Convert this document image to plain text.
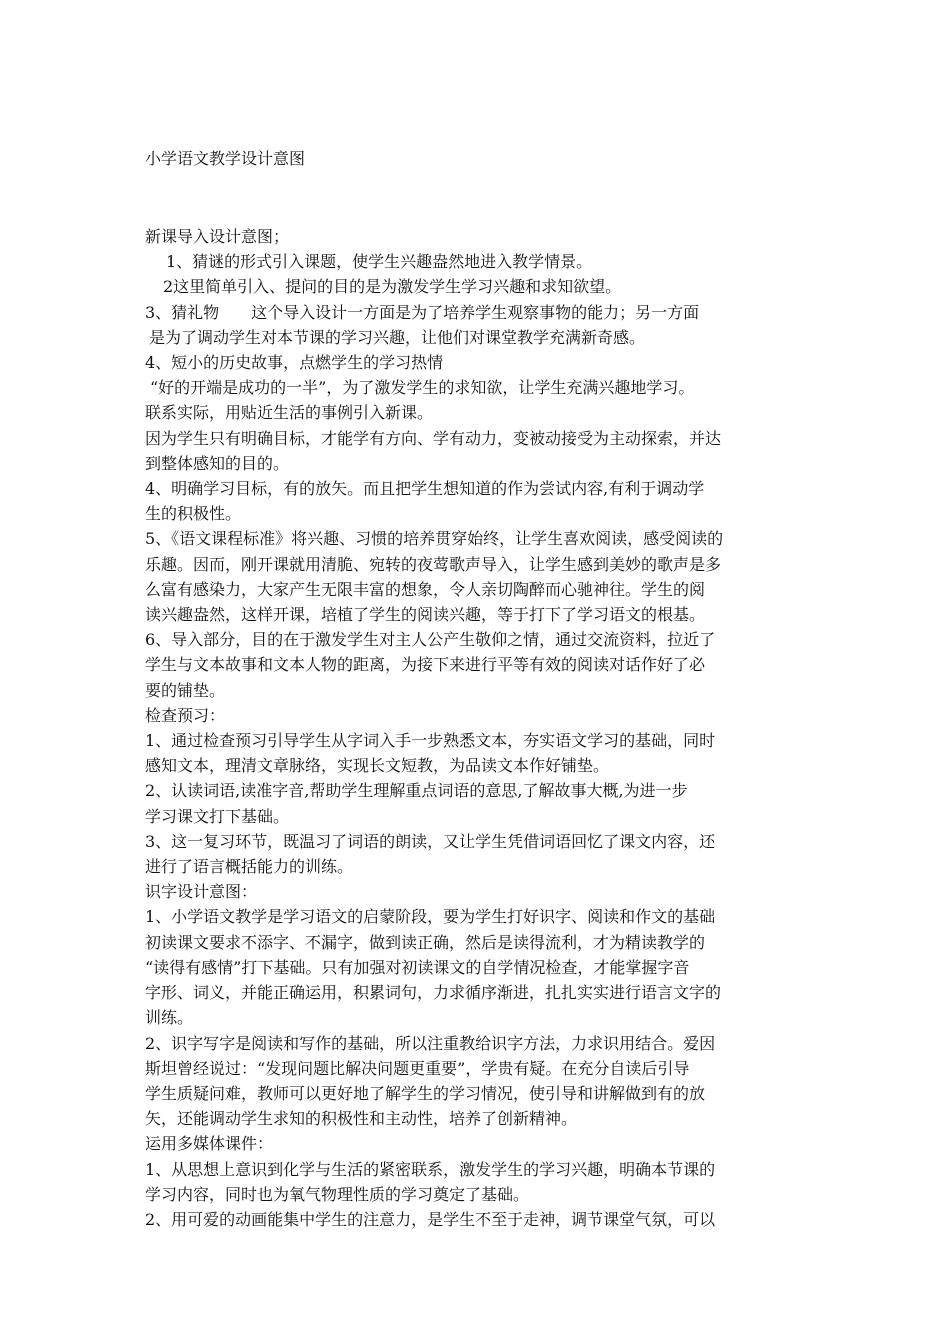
小学语文教学设计意图

新课导入设计意图；

1、猜谜的形式引入课题，使学生兴趣盎然地进入教学情景。

2这里简单引入、提问的目的是为激发学生学习兴趣和求知欲望。

3、猜礼物　　这个导入设计一方面是为了培养学生观察事物的能力；另一方面

是为了调动学生对本节课的学习兴趣，让他们对课堂教学充满新奇感。

4、短小的历史故事，点燃学生的学习热情

“好的开端是成功的一半”，为了激发学生的求知欲，让学生充满兴趣地学习。

联系实际，用贴近生活的事例引入新课。

因为学生只有明确目标，才能学有方向、学有动力，变被动接受为主动探索，并达

到整体感知的目的。

4、明确学习目标，有的放矢。而且把学生想知道的作为尝试内容,有利于调动学

生的积极性。

5、《语文课程标准》将兴趣、习惯的培养贯穿始终，让学生喜欢阅读，感受阅读的

乐趣。因而，刚开课就用清脆、宛转的夜莺歌声导入，让学生感到美妙的歌声是多

么富有感染力，大家产生无限丰富的想象，令人亲切陶醉而心驰神往。学生的阅

读兴趣盎然，这样开课，培植了学生的阅读兴趣，等于打下了学习语文的根基。

6、导入部分，目的在于激发学生对主人公产生敬仰之情，通过交流资料，拉近了

学生与文本故事和文本人物的距离，为接下来进行平等有效的阅读对话作好了必

要的铺垫。

检查预习：

1、通过检查预习引导学生从字词入手一步熟悉文本，夯实语文学习的基础，同时

感知文本，理清文章脉络，实现长文短教，为品读文本作好铺垫。

2、认读词语,读准字音,帮助学生理解重点词语的意思,了解故事大概,为进一步

学习课文打下基础。

3、这一复习环节，既温习了词语的朗读，又让学生凭借词语回忆了课文内容，还

进行了语言概括能力的训练。

识字设计意图：

1、小学语文教学是学习语文的启蒙阶段，要为学生打好识字、阅读和作文的基础

初读课文要求不添字、不漏字，做到读正确，然后是读得流利，才为精读教学的

“读得有感情”打下基础。只有加强对初读课文的自学情况检查，才能掌握字音

字形、词义，并能正确运用，积累词句，力求循序渐进，扎扎实实进行语言文字的

训练。

2、识字写字是阅读和写作的基础，所以注重教给识字方法，力求识用结合。爱因

斯坦曾经说过：“发现问题比解决问题更重要”，学贵有疑。在充分自读后引导

学生质疑问难，教师可以更好地了解学生的学习情况，使引导和讲解做到有的放

矢，还能调动学生求知的积极性和主动性，培养了创新精神。

运用多媒体课件：

1、从思想上意识到化学与生活的紧密联系，激发学生的学习兴趣，明确本节课的

学习内容，同时也为氧气物理性质的学习奠定了基础。

2、用可爱的动画能集中学生的注意力，是学生不至于走神，调节课堂气氛，可以
